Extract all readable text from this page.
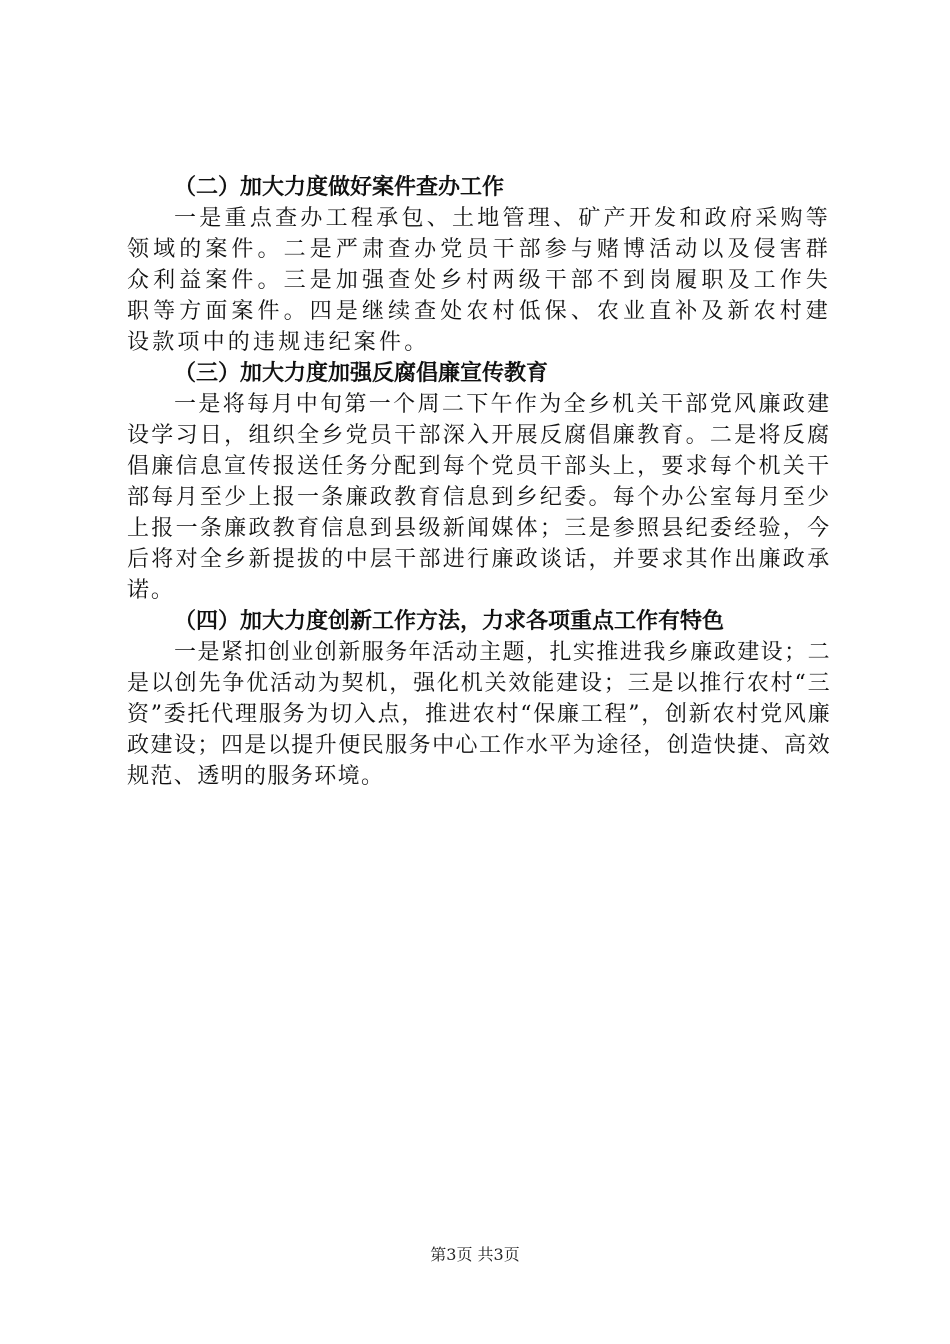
（二）加大力度做好案件查办工作

一是重点查办工程承包、土地管理、矿产开发和政府采购等领域的案件。二是严肃查办党员干部参与赌博活动以及侵害群众利益案件。三是加强查处乡村两级干部不到岗履职及工作失职等方面案件。四是继续查处农村低保、农业直补及新农村建设款项中的违规违纪案件。

（三）加大力度加强反腐倡廉宣传教育

一是将每月中旬第一个周二下午作为全乡机关干部党风廉政建设学习日，组织全乡党员干部深入开展反腐倡廉教育。二是将反腐倡廉信息宣传报送任务分配到每个党员干部头上，要求每个机关干部每月至少上报一条廉政教育信息到乡纪委。每个办公室每月至少上报一条廉政教育信息到县级新闻媒体；三是参照县纪委经验，今后将对全乡新提拔的中层干部进行廉政谈话，并要求其作出廉政承诺。

（四）加大力度创新工作方法，力求各项重点工作有特色

一是紧扣创业创新服务年活动主题，扎实推进我乡廉政建设；二是以创先争优活动为契机，强化机关效能建设；三是以推行农村“三资”委托代理服务为切入点，推进农村“保廉工程”，创新农村党风廉政建设；四是以提升便民服务中心工作水平为途径，创造快捷、高效规范、透明的服务环境。

第3页 共3页
